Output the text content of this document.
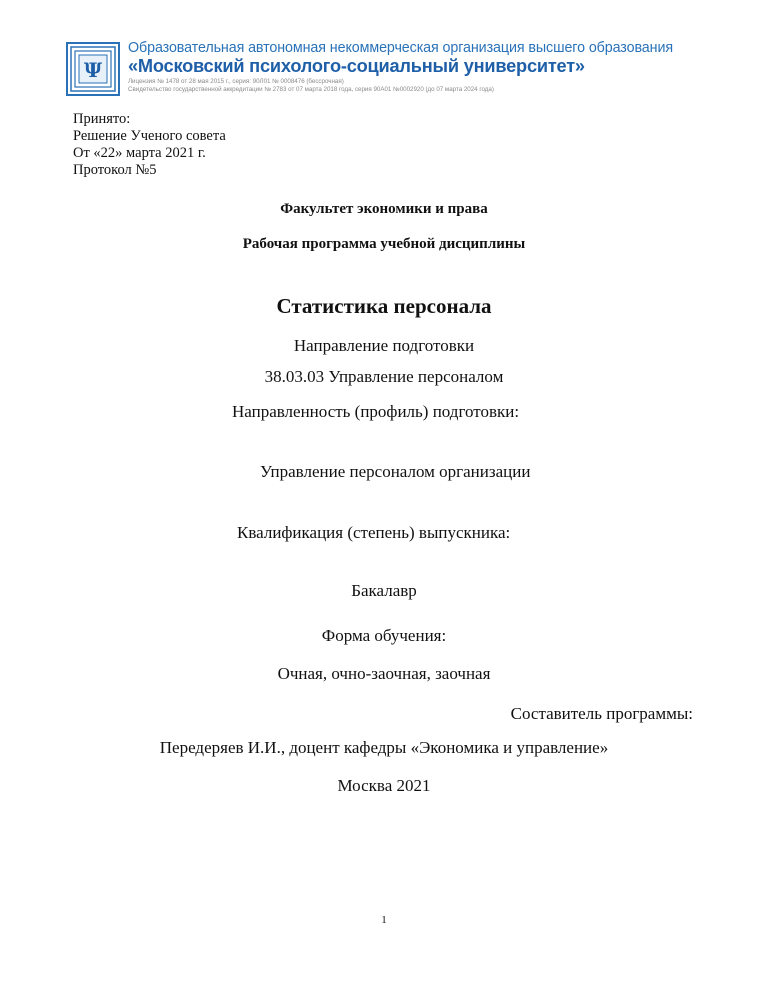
Ψ
Образовательная автономная некоммерческая организация высшего образования
«Московский психолого-социальный университет»
Лицензия № 1478 от 28 мая 2015 г., серия: 90Л01 № 0008476 (бессрочная)
Свидетельство государственной аккредитации № 2783 от 07 марта 2018 года, серия 90А01 №0002920 (до 07 марта 2024 года)
Принято:
Решение Ученого совета
От «22» марта 2021 г.
Протокол №5
Факультет экономики и права
Рабочая программа учебной дисциплины
Статистика персонала
Направление подготовки
38.03.03 Управление персоналом
Направленность (профиль) подготовки:
Управление персоналом организации
Квалификация (степень) выпускника:
Бакалавр
Форма обучения:
Очная, очно-заочная, заочная
Составитель программы:
Передеряев И.И., доцент кафедры «Экономика и управление»
Москва 2021
1
